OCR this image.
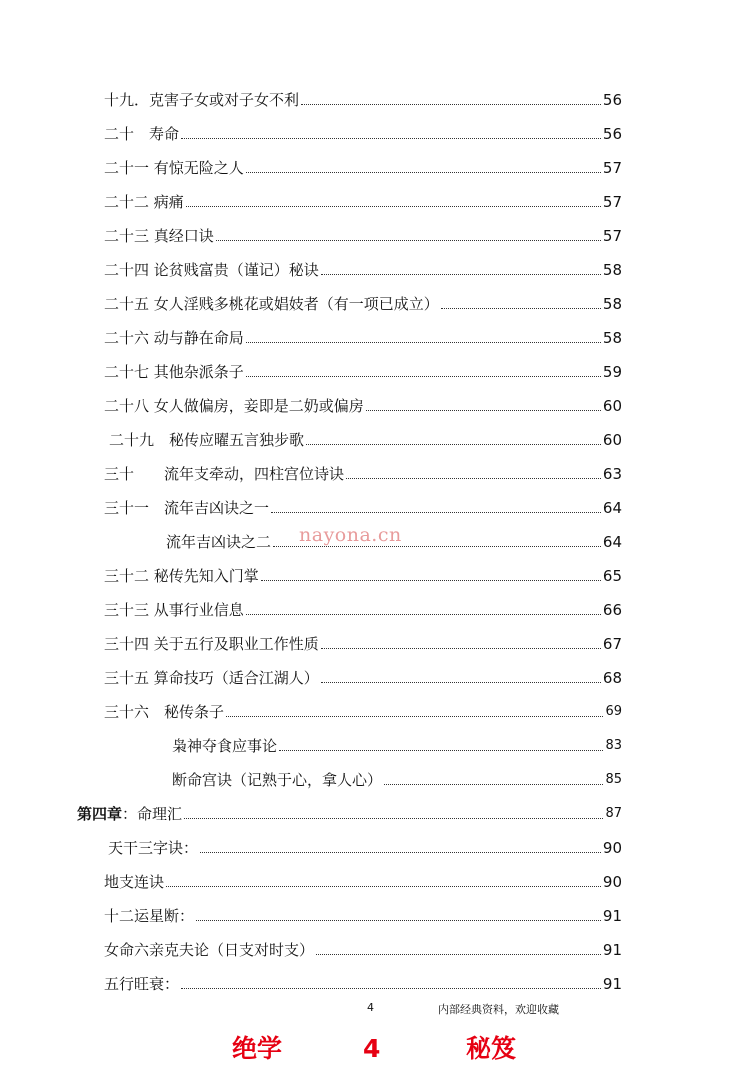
十九．克害子女或对子女不利	56
二十　寿命	56
二十一 有惊无险之人	57
二十二 病痛	57
二十三 真经口诀	57
二十四 论贫贱富贵（谨记）秘诀	58
二十五 女人淫贱多桃花或娼妓者（有一项已成立）	58
二十六 动与静在命局	58
二十七 其他杂派条子	59
二十八 女人做偏房，妾即是二奶或偏房	60
二十九　秘传应曜五言独步歌	60
三十　　流年支牵动，四柱宫位诗诀	63
三十一　流年吉凶诀之一	64
流年吉凶诀之二	64
三十二 秘传先知入门掌	65
三十三 从事行业信息	66
三十四 关于五行及职业工作性质	67
三十五 算命技巧（适合江湖人）	68
三十六　秘传条子	69
枭神夺食应事论	83
断命宫诀（记熟于心，拿人心）	85
第四章：命理汇	87
天干三字诀：	90
地支连诀	90
十二运星断：	91
女命六亲克夫论（日支对时支）	91
五行旺衰：	91
nayona.cn
4	内部经典资料，欢迎收藏
绝学	4	秘笈
